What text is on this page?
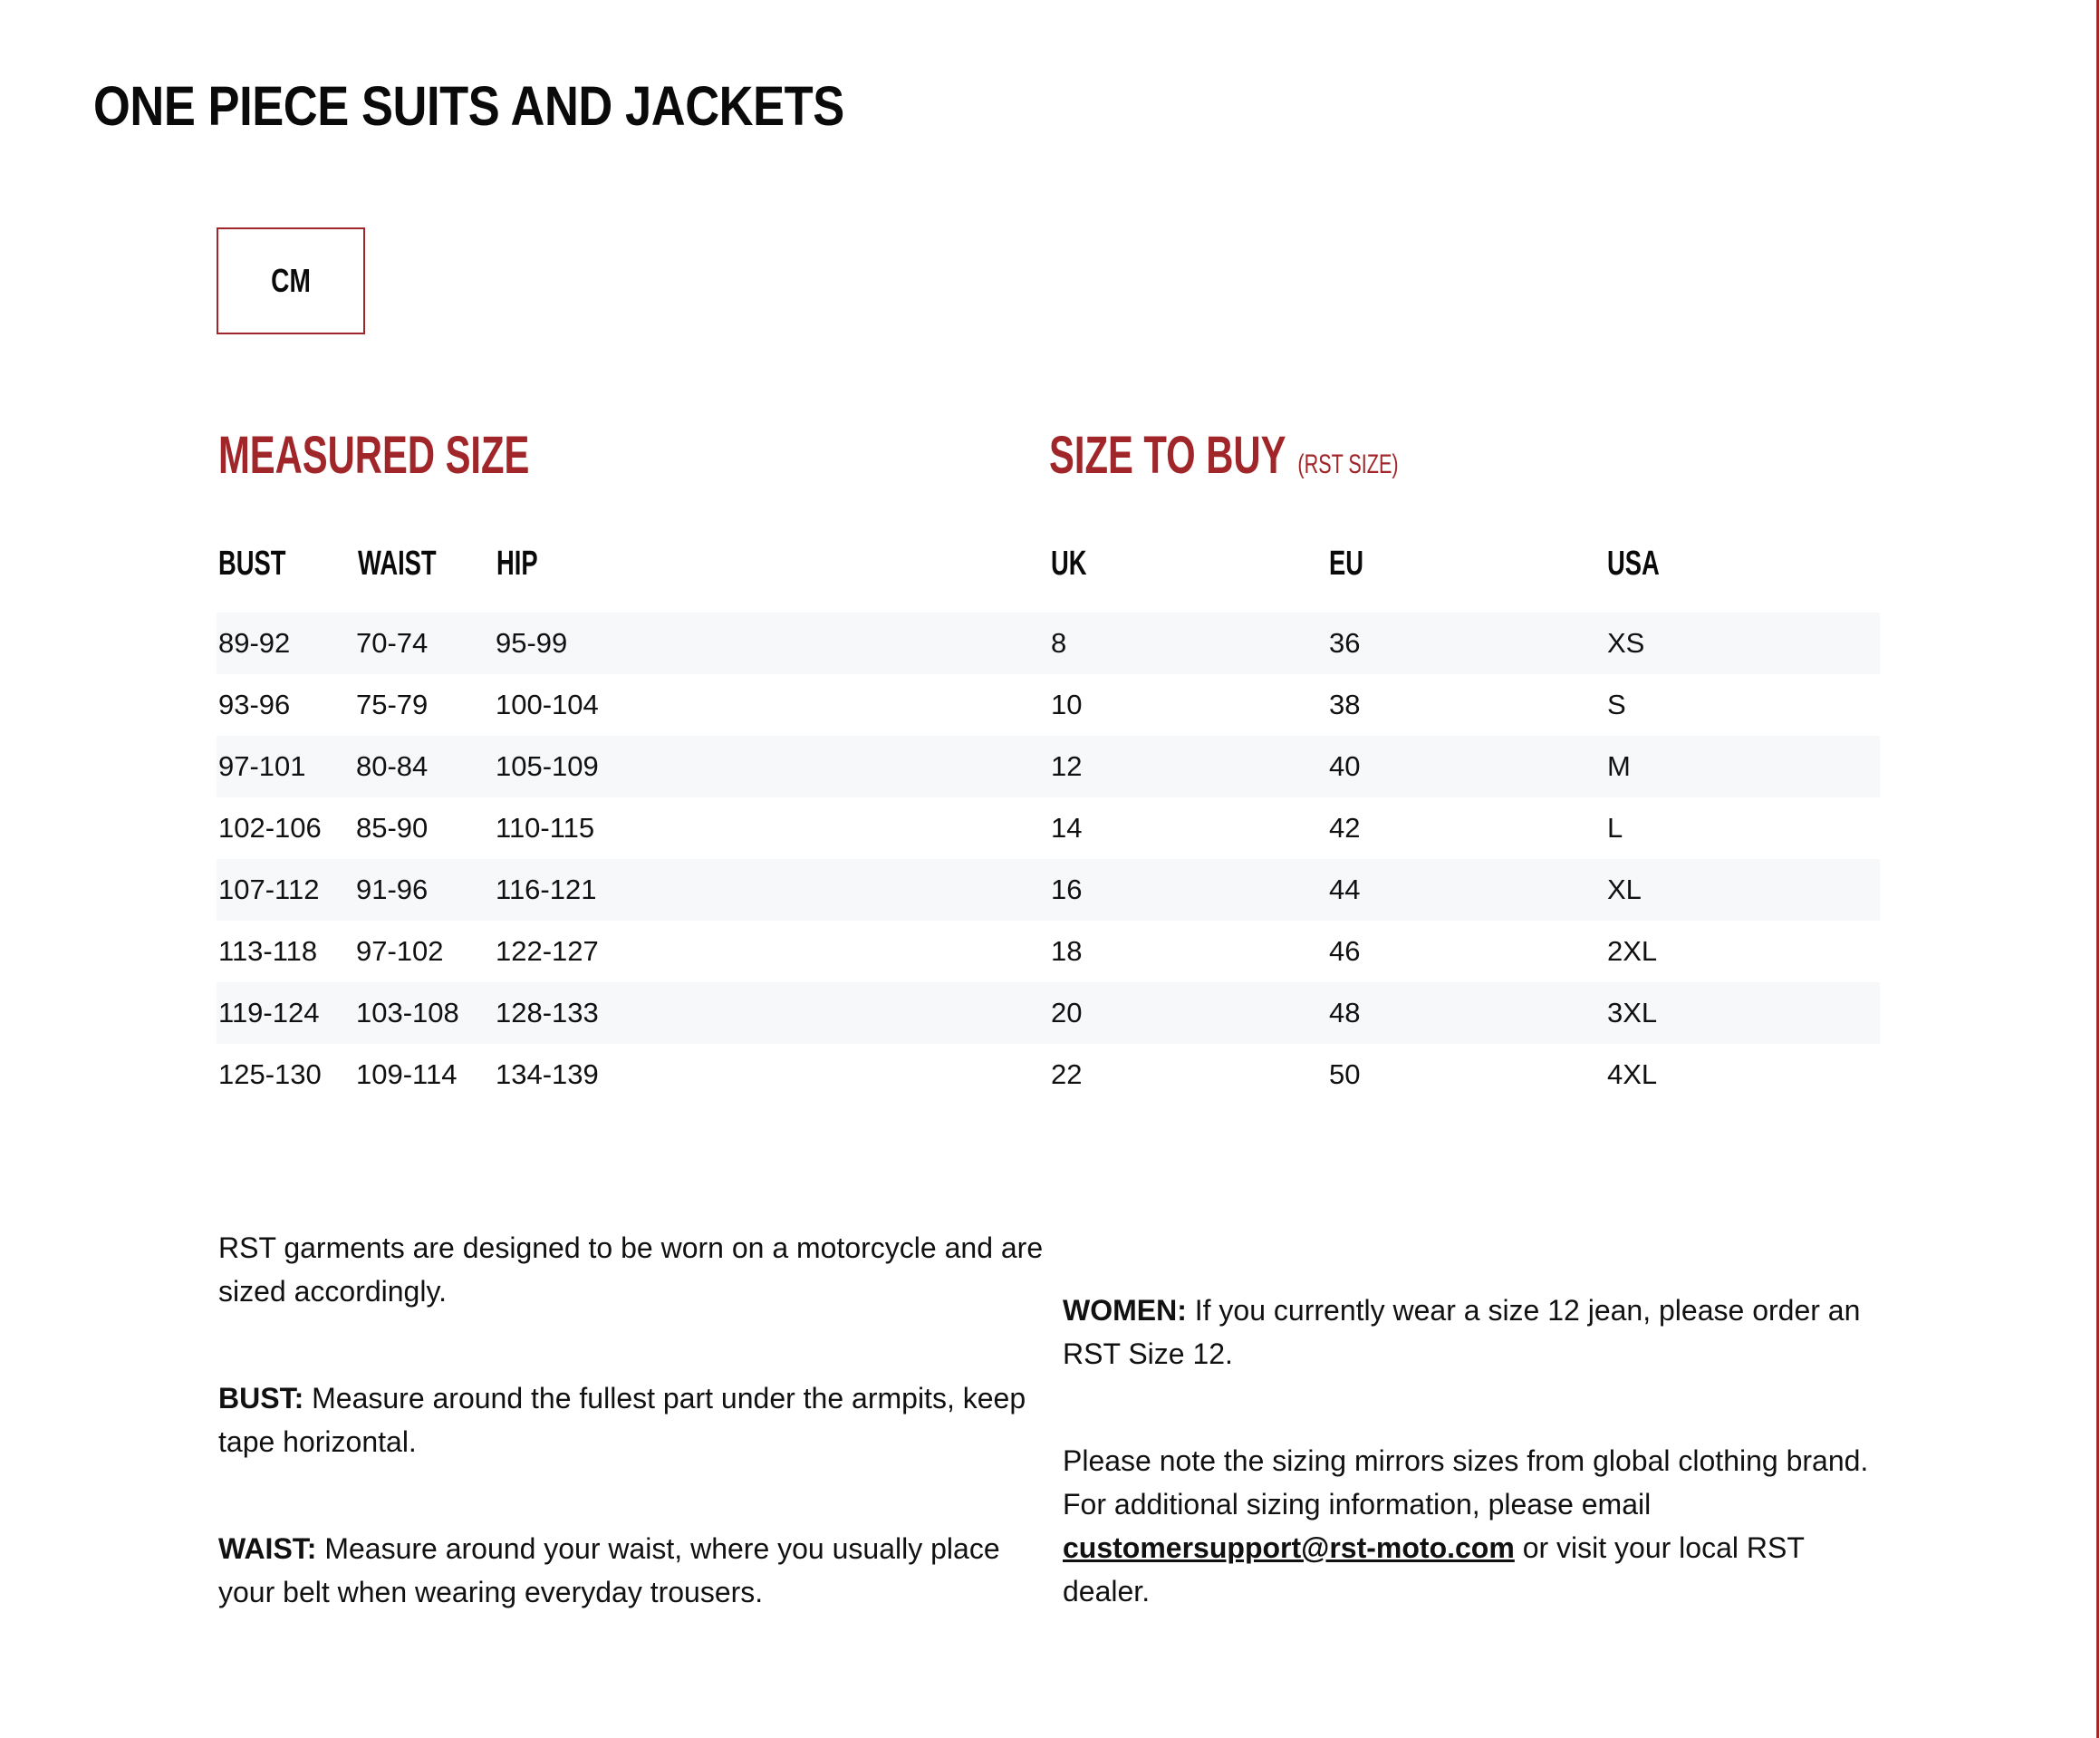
ONE PIECE SUITS AND JACKETS
CM
MEASURED SIZE	SIZE TO BUY (RST SIZE)
BUST WAIST HIP	UK	EU	USA
89-92 70-74 95-99	8	36	XS
93-96 75-79 100-104	10	38	S
97-101 80-84 105-109	12	40	M
102-106 85-90 110-115	14	42	L
107-112 91-96 116-121	16	44	XL
113-118 97-102 122-127	18	46	2XL
119-124 103-108 128-133	20	48	3XL
125-130 109-114 134-139	22	50	4XL

RST garments are designed to be worn on a motorcycle and are sized accordingly.

BUST: Measure around the fullest part under the armpits, keep tape horizontal.

WAIST: Measure around your waist, where you usually place your belt when wearing everyday trousers.

WOMEN: If you currently wear a size 12 jean, please order an RST Size 12.

Please note the sizing mirrors sizes from global clothing brand. For additional sizing information, please email customersupport@rst-moto.com or visit your local RST dealer.
